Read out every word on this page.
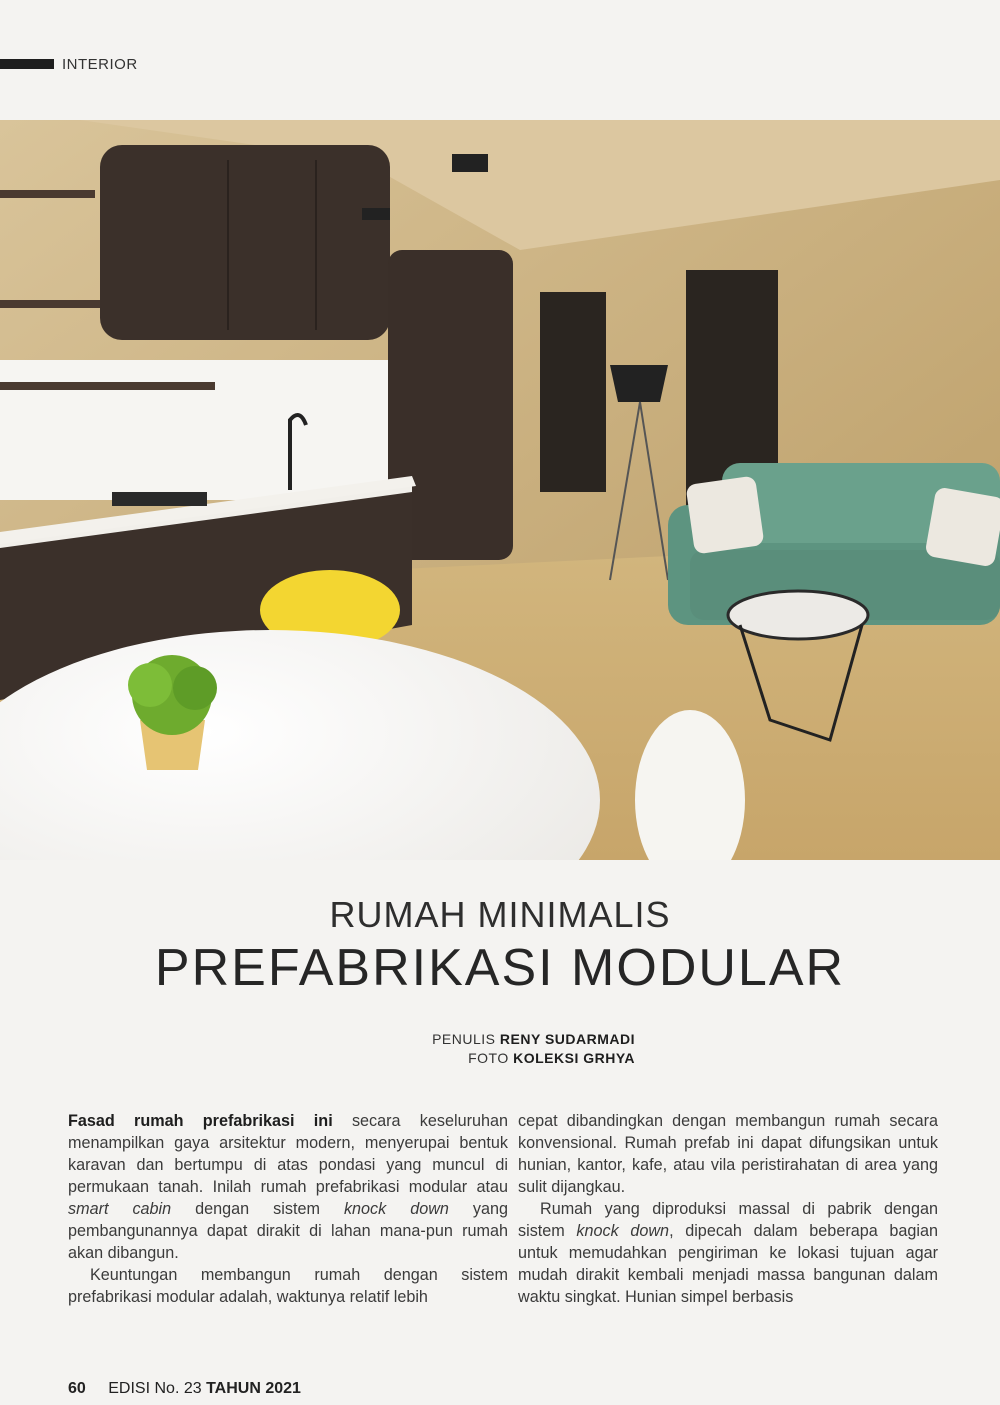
INTERIOR
RUMAH MINIMALIS
PREFABRIKASI MODULAR
PENULIS RENY SUDARMADI
FOTO KOLEKSI GRHYA

Fasad rumah prefabrikasi ini secara keseluruhan menampilkan gaya arsitektur modern, menyerupai bentuk karavan dan bertumpu di atas pondasi yang muncul di permukaan tanah. Inilah rumah prefabrikasi modular atau smart cabin dengan sistem knock down yang pembangunannya dapat dirakit di lahan mana-pun rumah akan dibangun.

Keuntungan membangun rumah dengan sistem prefabrikasi modular adalah, waktunya relatif lebih

cepat dibandingkan dengan membangun rumah secara konvensional. Rumah prefab ini dapat difungsikan untuk hunian, kantor, kafe, atau vila peristirahatan di area yang sulit dijangkau.

Rumah yang diproduksi massal di pabrik dengan sistem knock down, dipecah dalam beberapa bagian untuk memudahkan pengiriman ke lokasi tujuan agar mudah dirakit kembali menjadi massa bangunan dalam waktu singkat. Hunian simpel berbasis

60 EDISI No. 23 TAHUN 2021
